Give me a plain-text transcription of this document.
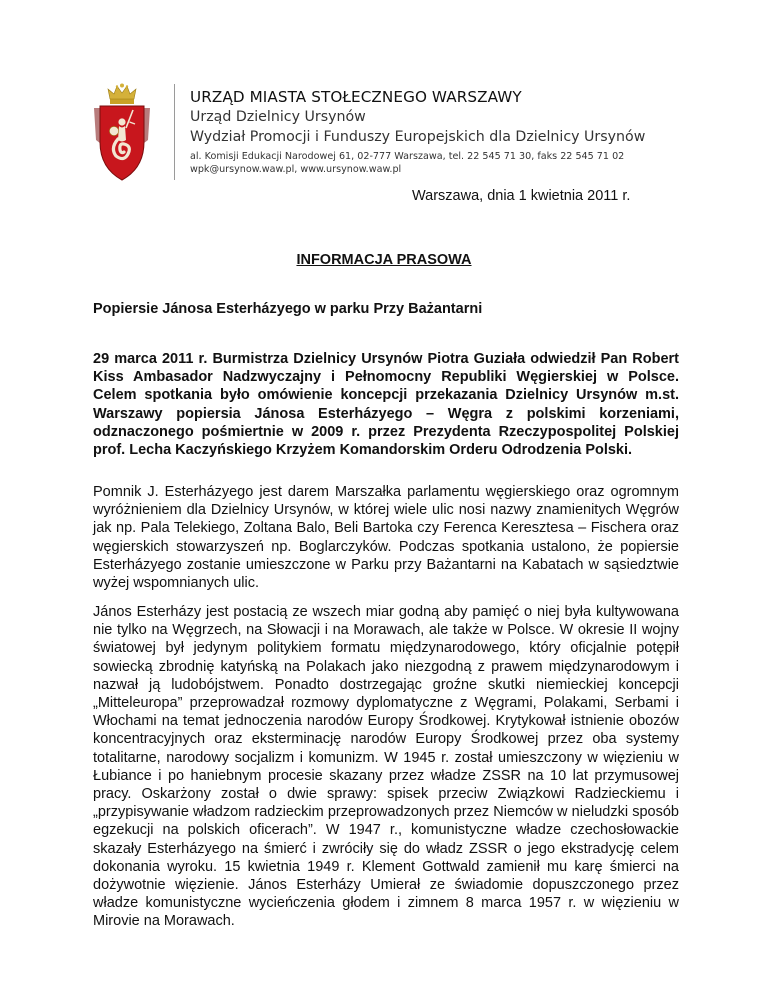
URZĄD MIASTA STOŁECZNEGO WARSZAWY
Urząd Dzielnicy Ursynów
Wydział Promocji i Funduszy Europejskich dla Dzielnicy Ursynów
al. Komisji Edukacji Narodowej 61, 02-777 Warszawa, tel. 22 545 71 30, faks 22 545 71 02
wpk@ursynow.waw.pl, www.ursynow.waw.pl
Warszawa, dnia 1 kwietnia 2011 r.
INFORMACJA PRASOWA
Popiersie Jánosa Esterházyego w parku Przy Bażantarni

29 marca 2011 r. Burmistrza Dzielnicy Ursynów Piotra Guziała odwiedził Pan Robert Kiss Ambasador Nadzwyczajny i Pełnomocny Republiki Węgierskiej w Polsce. Celem spotkania było omówienie koncepcji przekazania Dzielnicy Ursynów m.st. Warszawy popiersia Jánosa Esterházyego – Węgra z polskimi korzeniami, odznaczonego pośmiertnie w 2009 r. przez Prezydenta Rzeczypospolitej Polskiej prof. Lecha Kaczyńskiego Krzyżem Komandorskim Orderu Odrodzenia Polski.

Pomnik J. Esterházyego jest darem Marszałka parlamentu węgierskiego oraz ogromnym wyróżnieniem dla Dzielnicy Ursynów, w której wiele ulic nosi nazwy znamienitych Węgrów jak np. Pala Telekiego, Zoltana Balo, Beli Bartoka czy Ferenca Keresztesa – Fischera oraz węgierskich stowarzyszeń np. Boglarczyków. Podczas spotkania ustalono, że popiersie Esterházyego zostanie umieszczone w Parku przy Bażantarni na Kabatach w sąsiedztwie wyżej wspomnianych ulic.

János Esterházy jest postacią ze wszech miar godną aby pamięć o niej była kultywowana nie tylko na Węgrzech, na Słowacji i na Morawach, ale także w Polsce. W okresie II wojny światowej był jedynym politykiem formatu międzynarodowego, który oficjalnie potępił sowiecką zbrodnię katyńską na Polakach jako niezgodną z prawem międzynarodowym i nazwał ją ludobójstwem. Ponadto dostrzegając groźne skutki niemieckiej koncepcji „Mitteleuropa” przeprowadzał rozmowy dyplomatyczne z Węgrami, Polakami, Serbami i Włochami na temat jednoczenia narodów Europy Środkowej. Krytykował istnienie obozów koncentracyjnych oraz eksterminację narodów Europy Środkowej przez oba systemy totalitarne, narodowy socjalizm i komunizm. W 1945 r. został umieszczony w więzieniu w Łubiance i po haniebnym procesie skazany przez władze ZSSR na 10 lat przymusowej pracy. Oskarżony został o dwie sprawy: spisek przeciw Związkowi Radzieckiemu i „przypisywanie władzom radzieckim przeprowadzonych przez Niemców w nieludzki sposób egzekucji na polskich oficerach”. W 1947 r., komunistyczne władze czechosłowackie skazały Esterházyego na śmierć i zwróciły się do władz ZSSR o jego ekstradycję celem dokonania wyroku. 15 kwietnia 1949 r. Klement Gottwald zamienił mu karę śmierci na dożywotnie więzienie. János Esterházy Umierał ze świadomie dopuszczonego przez władze komunistyczne wycieńczenia głodem i zimnem 8 marca 1957 r. w więzieniu w Mirovie na Morawach.
